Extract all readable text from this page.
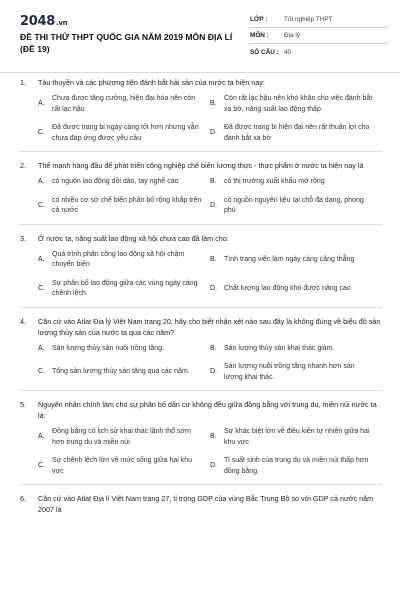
2048.vn
ĐỀ THI THỬ THPT QUỐC GIA NĂM 2019 MÔN ĐỊA LÍ (ĐỀ 19)
LỚP :	Tốt nghiệp THPT
MÔN :	Địa lý
SỐ CÂU : 40
1.	Tàu thuyền và các phương tiện đánh bắt hải sản của nước ta hiện nay:
A.
Chưa được tăng cường, hiện đại hóa nên còn rất lạc hậu
B.
Còn rất lạc hậu nên khó khăn cho việc đánh bắt xa bờ, năng suất lao động thấp
C.
Đã được trang bị ngày càng tốt hơn nhưng vẫn chưa đáp ứng được yêu cầu
D.
Đã được trang bị hiện đại nên rất thuận lợi cho đánh bắt xa bờ
2.	Thế mạnh hàng đầu để phát triển công nghiệp chế biến lương thực - thực phẩm ở nước ta hiện nay là
A.	có nguồn lao động dồi dào, tay nghề cao	B.	có thị trường xuất khẩu mở rộng
C.
có nhiều cơ sở chế biến phân bố rộng khắp trên cả nước
D.
có nguồn nguyên liệu tại chỗ đa dạng, phong phú
3.	Ở nước ta, năng suất lao động xã hội chưa cao đã làm cho:
A.
Quá trình phân công lao động xã hội chậm chuyển biến
B.	Tình trạng việc làm ngày càng căng thẳng
C.
Sự phân bố lao động giữa các vùng ngày càng chênh lệch
D.	Chất lượng lao động khó được nâng cao
4.	Căn cứ vào Atlat Địa lý Việt Nam trang 20, hãy cho biết nhận xét nào sau đây là không đúng về biểu đồ sản lượng thủy sản của nước ta qua các năm?
A.	Sản lượng thủy sản nuôi trồng tăng.	B.	Sản lượng thủy sản khai thác giảm.
C.	Tổng sản lượng thủy sản tăng qua các năm.	D.
Sản lượng nuôi trồng tăng nhanh hơn sản lượng khai thác.
5.	Nguyên nhân chính làm cho sự phân bố dân cư không đều giữa đồng bằng với trung du, miền núi nước ta là:
A.
Đồng bằng có lịch sử khai thác lãnh thổ sớm hơn trung du và miền núi
B.
Sự khác biệt lớn về điều kiện tự nhiên giữa hai khu vực
C.
Sự chênh lệch lớn về mức sống giữa hai khu vực
D.
Tỉ suất sinh của trung du và miền núi thấp hơn đồng bằng
6.	Căn cứ vào Atlat Địa lí Việt Nam trang 27, tỉ trọng GDP của vùng Bắc Trung Bộ so với GDP cả nước năm 2007 là
